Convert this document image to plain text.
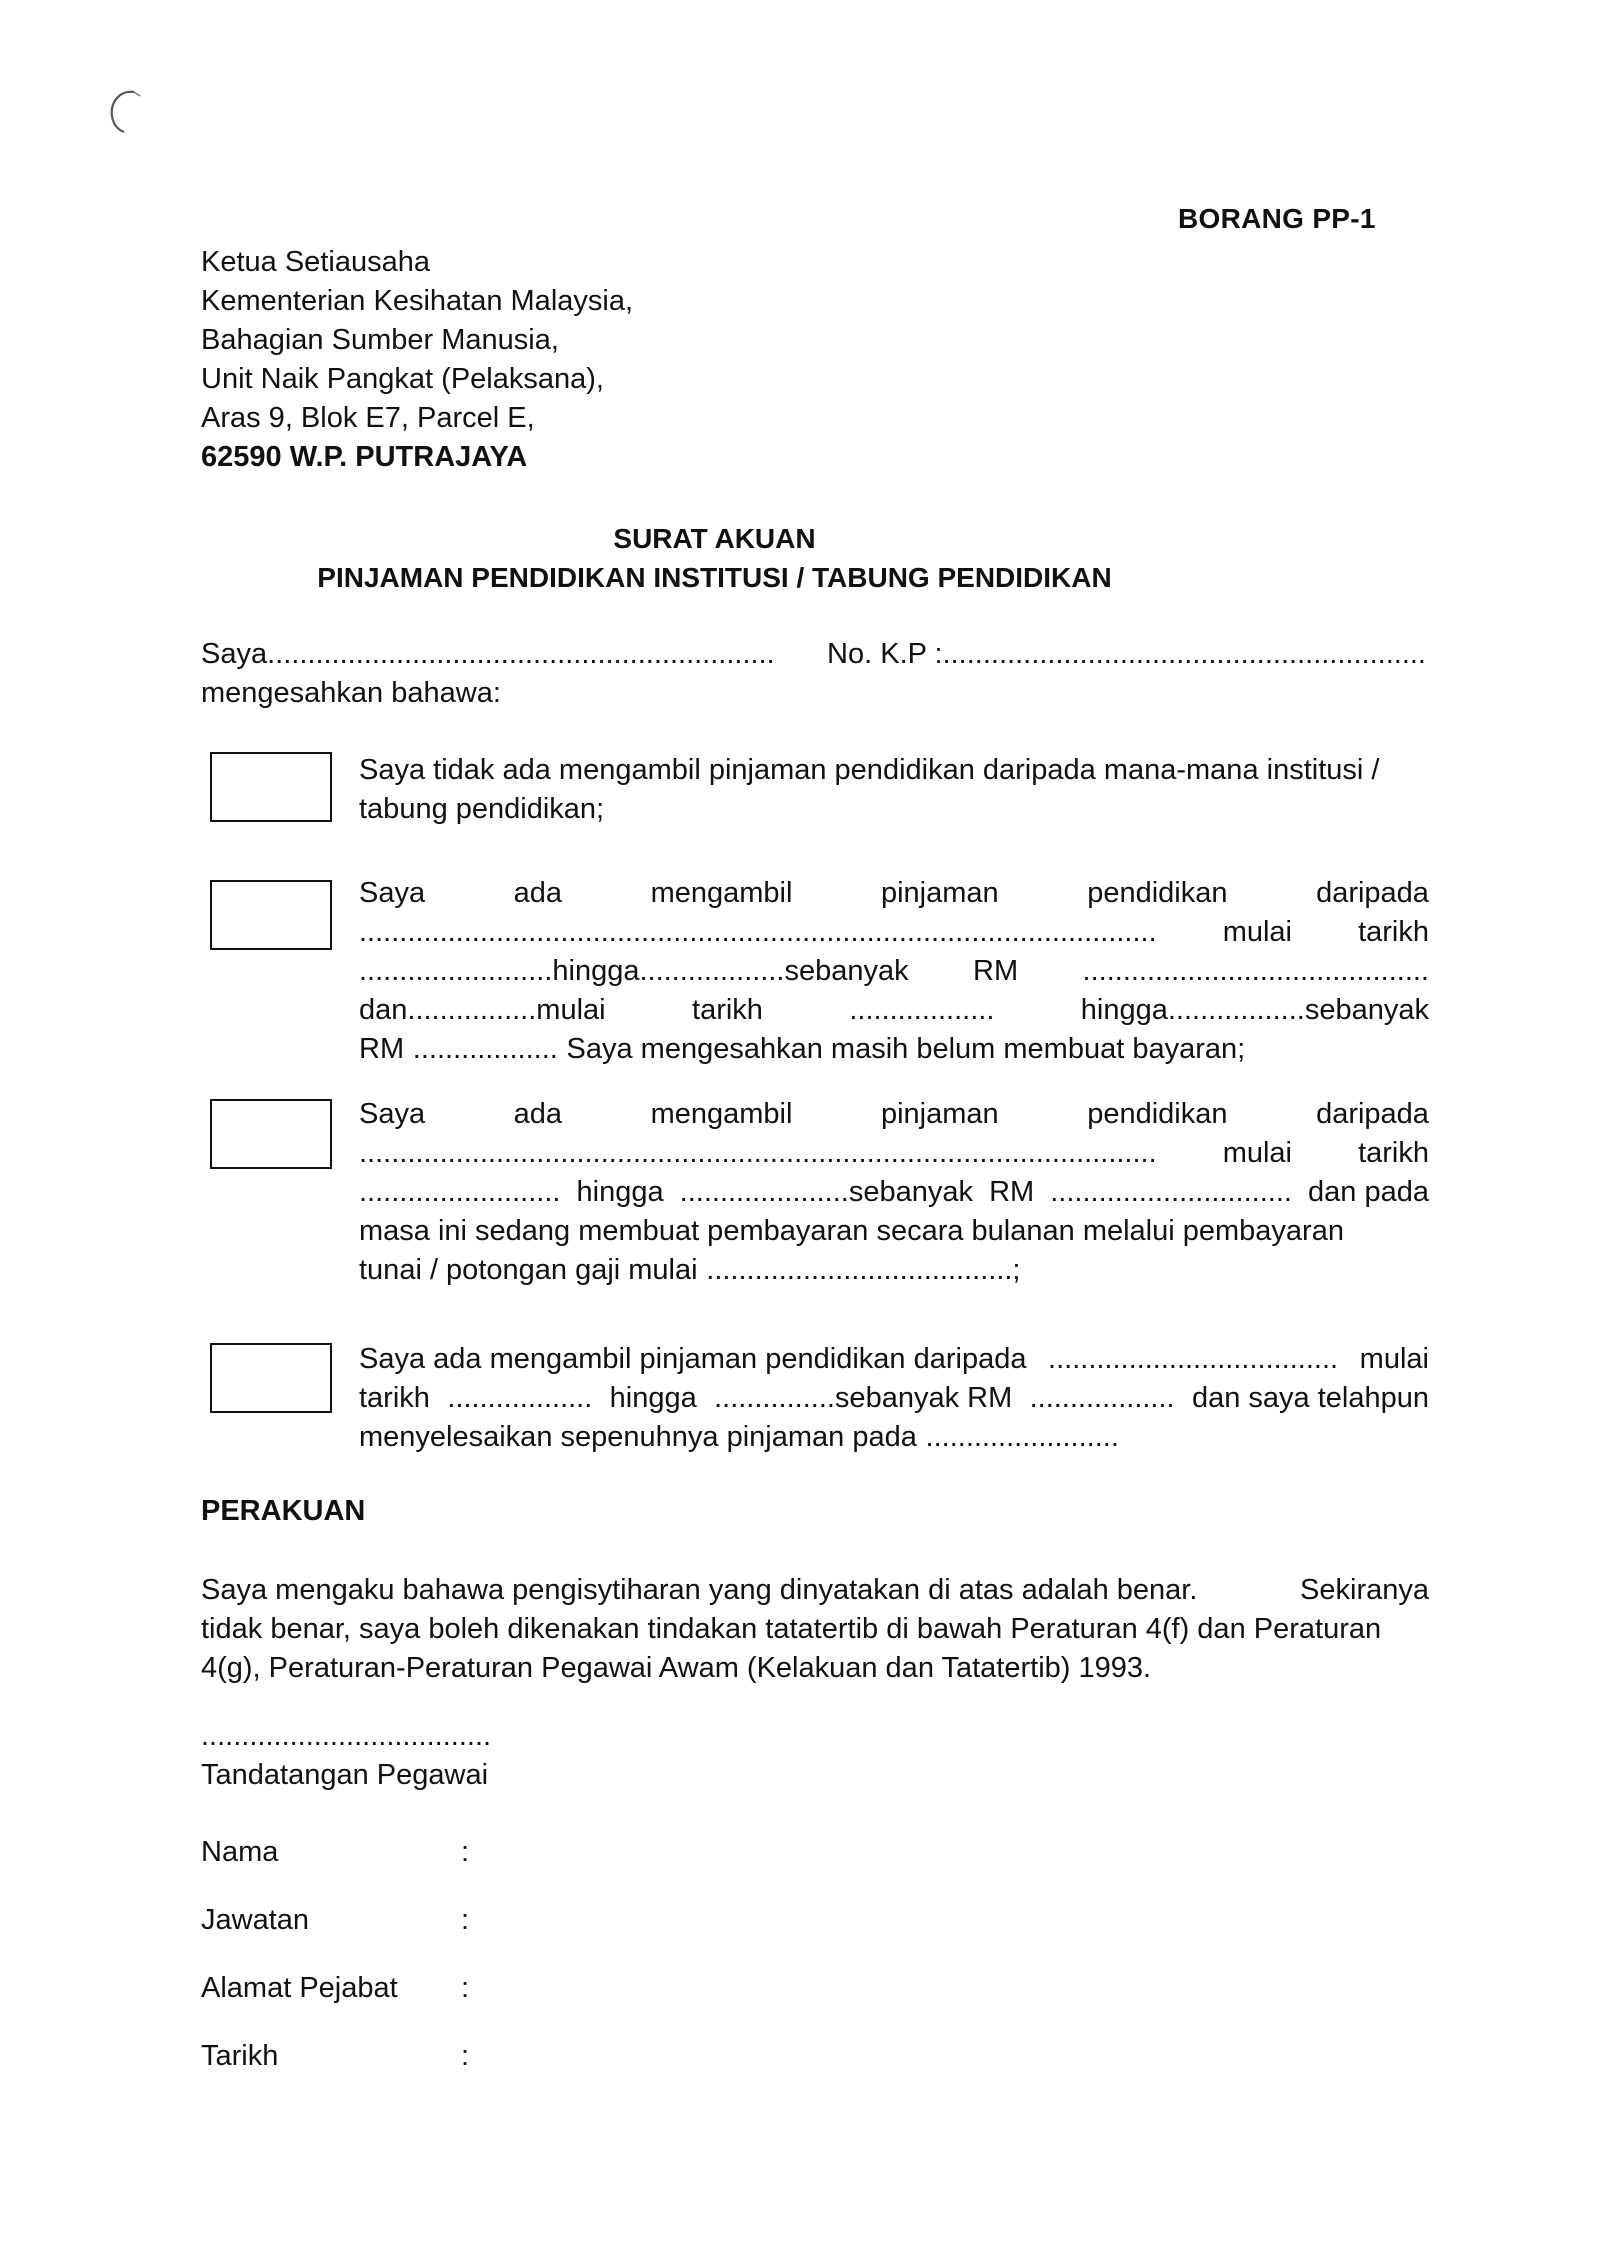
BORANG PP-1
Ketua Setiausaha
Kementerian Kesihatan Malaysia,
Bahagian Sumber Manusia,
Unit Naik Pangkat (Pelaksana),
Aras 9, Blok E7, Parcel E,
62590 W.P. PUTRAJAYA
SURAT AKUAN
PINJAMAN PENDIDIKAN INSTITUSI / TABUNG PENDIDIKAN
Saya............................................................... No. K.P :............................................................
mengesahkan bahawa:
Saya tidak ada mengambil pinjaman pendidikan daripada mana-mana institusi /
tabung pendidikan;
Saya	ada	mengambil	pinjaman	pendidikan	daripada
................................................................................................... mulai tarikh
........................hingga..................sebanyak RM ...........................................
dan................mulai	tarikh	..................	hingga.................sebanyak
RM .................. Saya mengesahkan masih belum membuat bayaran;
Saya	ada	mengambil	pinjaman	pendidikan	daripada
................................................................................................... mulai tarikh
......................... hingga .....................sebanyak RM .............................. dan pada
masa ini sedang membuat pembayaran secara bulanan melalui pembayaran
tunai / potongan gaji mulai ......................................;
Saya ada mengambil pinjaman pendidikan daripada .................................... mulai
tarikh .................. hingga ...............sebanyak RM .................. dan saya telahpun
menyelesaikan sepenuhnya pinjaman pada ........................
PERAKUAN
Saya mengaku bahawa pengisytiharan yang dinyatakan di atas adalah benar.	Sekiranya
tidak benar, saya boleh dikenakan tindakan tatatertib di bawah Peraturan 4(f) dan Peraturan
4(g), Peraturan-Peraturan Pegawai Awam (Kelakuan dan Tatatertib) 1993.
....................................
Tandatangan Pegawai
Nama	:
Jawatan	:
Alamat Pejabat :
Tarikh	:
